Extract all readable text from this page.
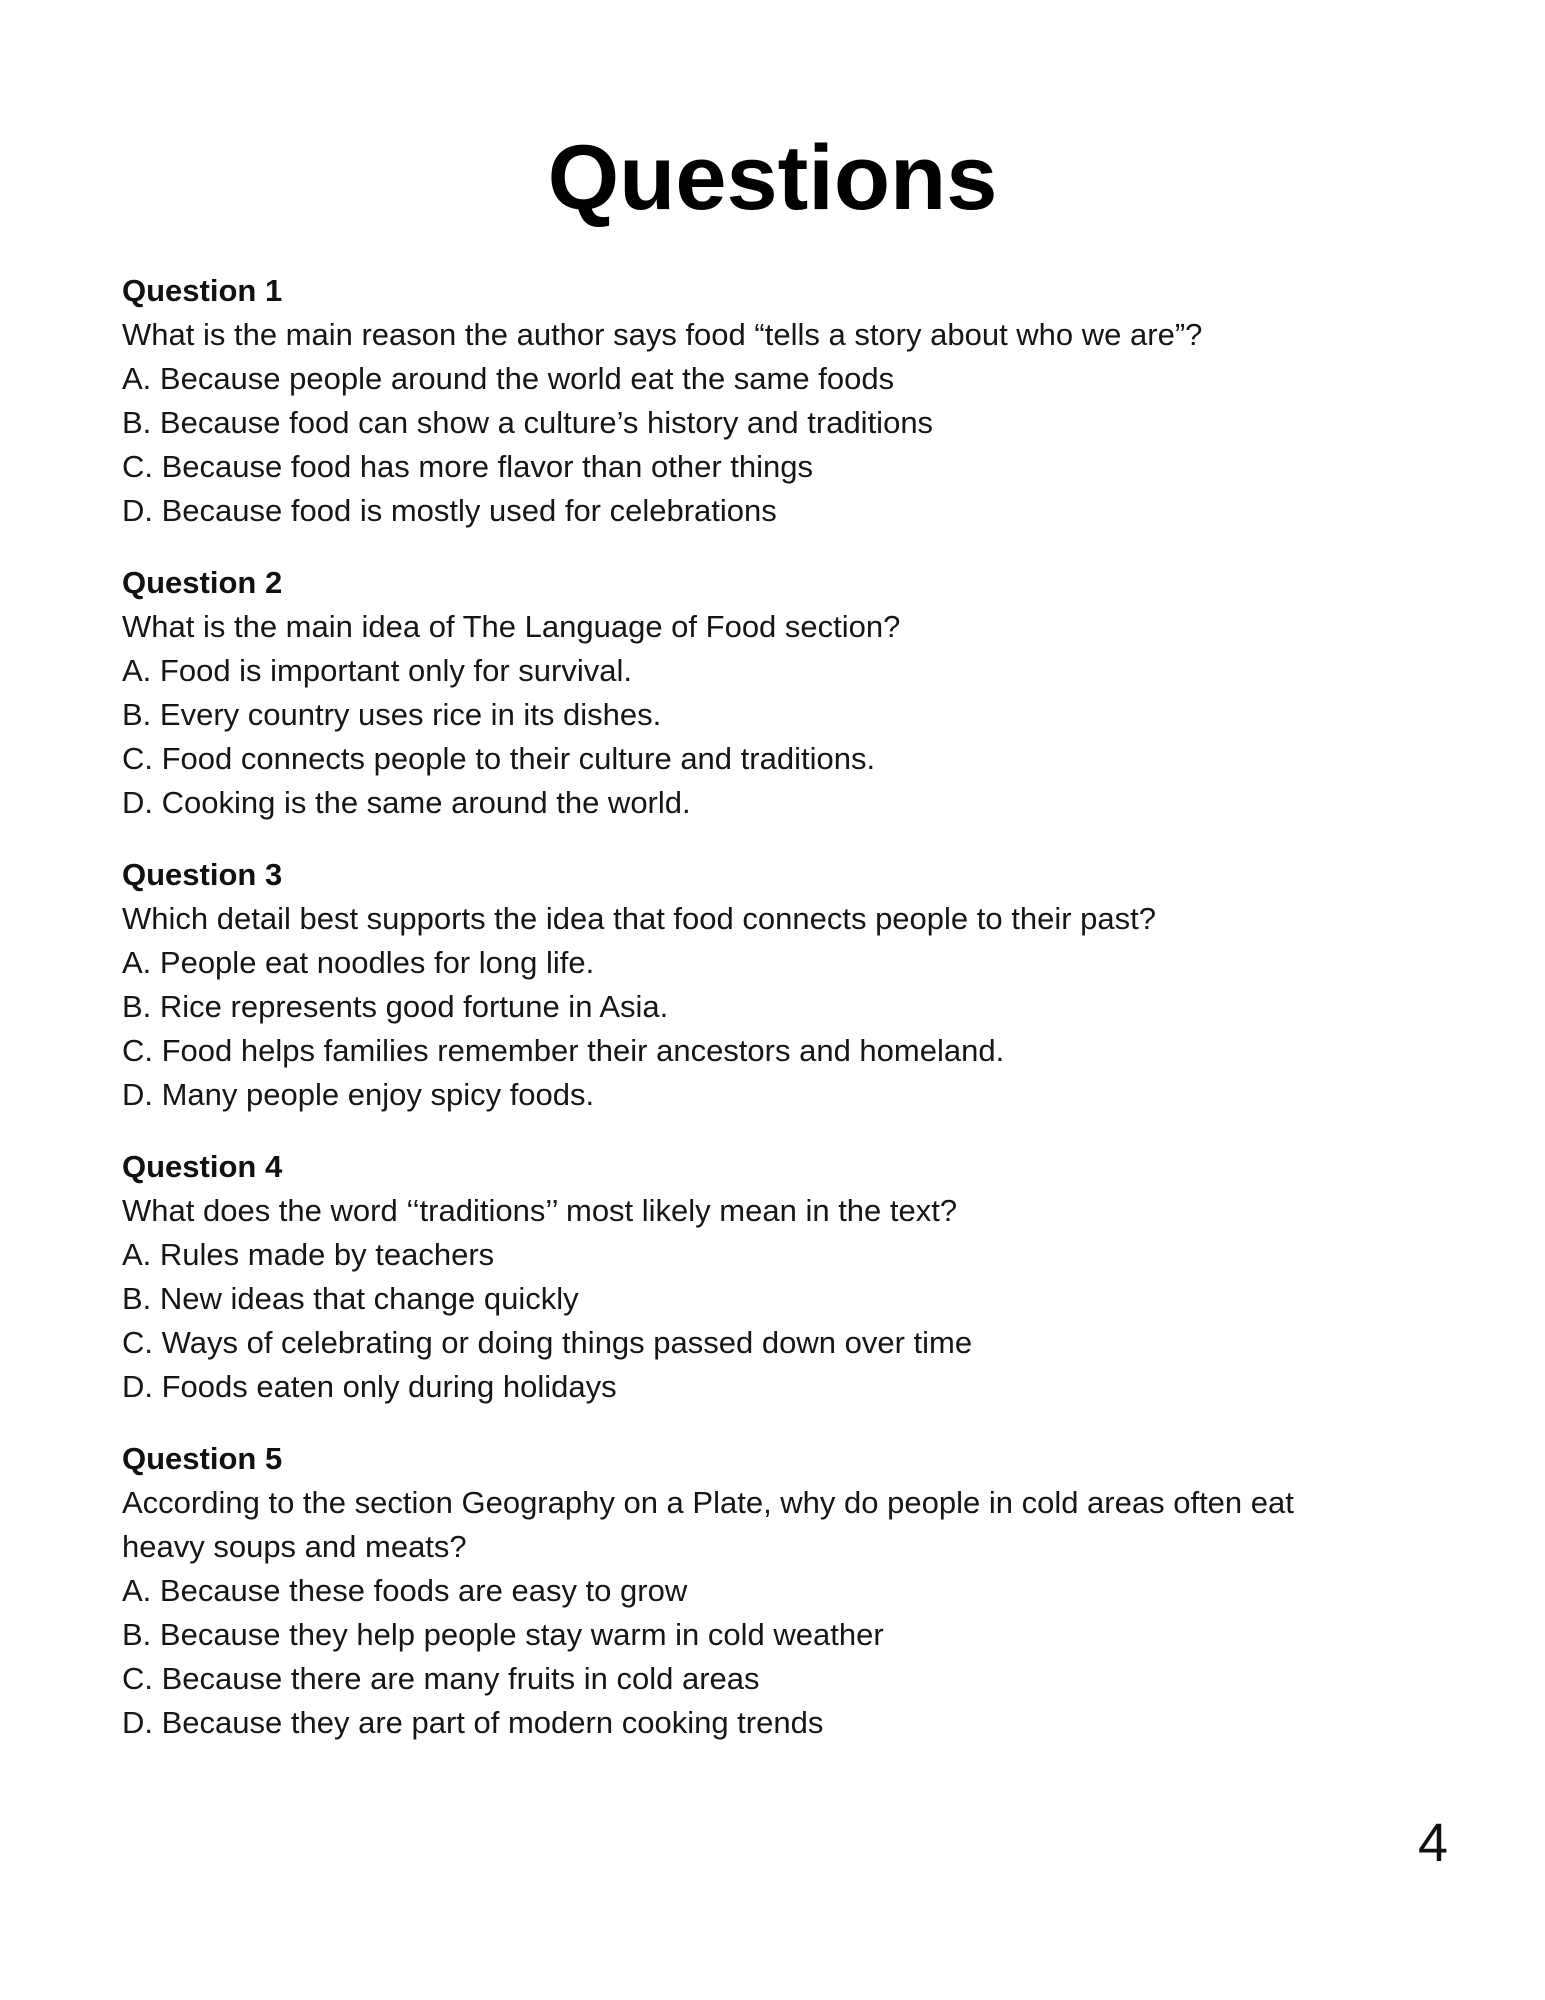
Questions
Question 1
What is the main reason the author says food “tells a story about who we are”?
A. Because people around the world eat the same foods
B. Because food can show a culture’s history and traditions
C. Because food has more flavor than other things
D. Because food is mostly used for celebrations
Question 2
What is the main idea of The Language of Food section?
A. Food is important only for survival.
B. Every country uses rice in its dishes.
C. Food connects people to their culture and traditions.
D. Cooking is the same around the world.
Question 3
Which detail best supports the idea that food connects people to their past?
A. People eat noodles for long life.
B. Rice represents good fortune in Asia.
C. Food helps families remember their ancestors and homeland.
D. Many people enjoy spicy foods.
Question 4
What does the word ‘‘traditions’’ most likely mean in the text?
A. Rules made by teachers
B. New ideas that change quickly
C. Ways of celebrating or doing things passed down over time
D. Foods eaten only during holidays
Question 5
According to the section Geography on a Plate, why do people in cold areas often eat heavy soups and meats?
A. Because these foods are easy to grow
B. Because they help people stay warm in cold weather
C. Because there are many fruits in cold areas
D. Because they are part of modern cooking trends
4
